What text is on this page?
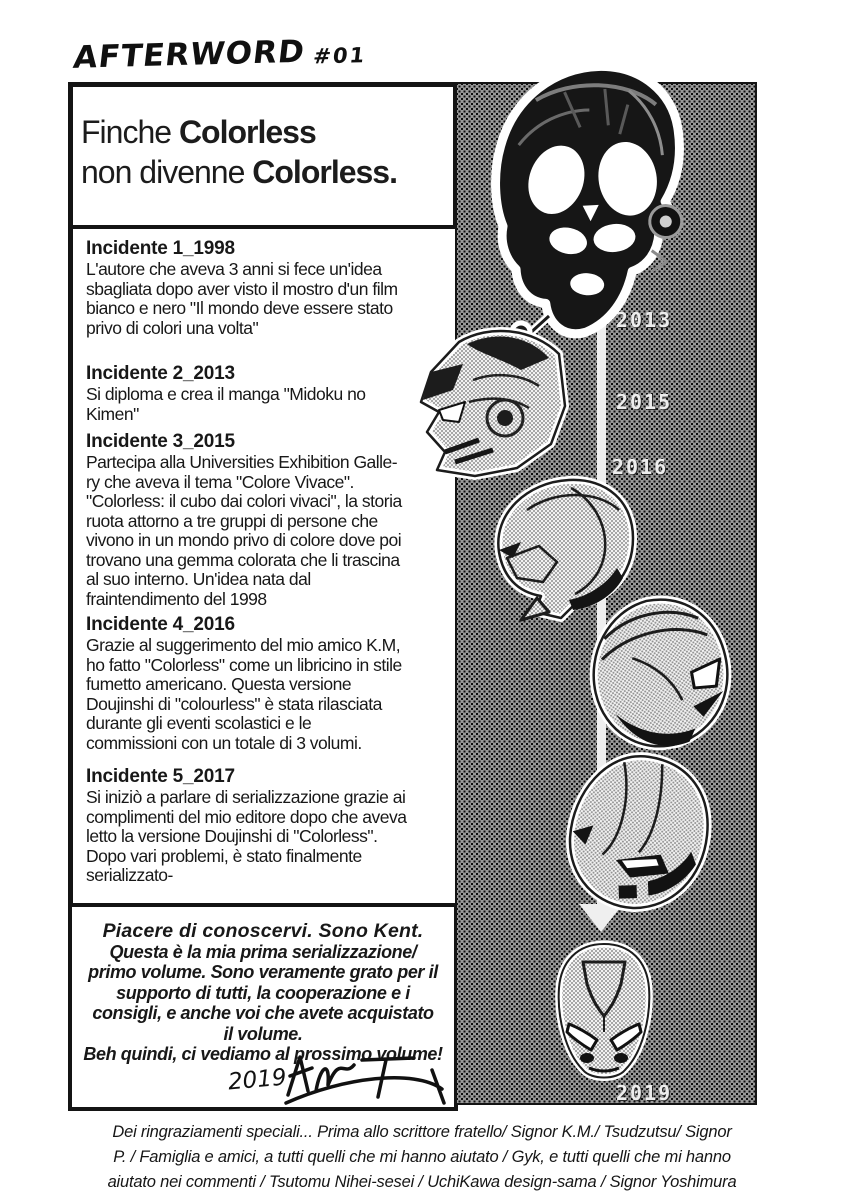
AFTERWORD #01
Finche Colorless
non divenne Colorless.
Incidente 1_1998
L'autore che aveva 3 anni si fece un'idea
sbagliata dopo aver visto il mostro d'un film
bianco e nero "Il mondo deve essere stato
privo di colori una volta"
Incidente 2_2013
Si diploma e crea il manga "Midoku no
Kimen"
Incidente 3_2015
Partecipa alla Universities Exhibition Galle-
ry che aveva il tema "Colore Vivace".
"Colorless: il cubo dai colori vivaci", la storia
ruota attorno a tre gruppi di persone che
vivono in un mondo privo di colore dove poi
trovano una gemma colorata che li trascina
al suo interno. Un'idea nata dal
fraintendimento del 1998
Incidente 4_2016
Grazie al suggerimento del mio amico K.M,
ho fatto "Colorless" come un libricino in stile
fumetto americano. Questa versione
Doujinshi di "colourless" è stata rilasciata
durante gli eventi scolastici e le
commissioni con un totale di 3 volumi.
Incidente 5_2017
Si iniziò a parlare di serializzazione grazie ai
complimenti del mio editore dopo che aveva
letto la versione Doujinshi di "Colorless".
Dopo vari problemi, è stato finalmente
serializzato-
Piacere di conoscervi. Sono Kent.
Questa è la mia prima serializzazione/
primo volume. Sono veramente grato per il
supporto di tutti, la cooperazione e i
consigli, e anche voi che avete acquistato
il volume.
Beh quindi, ci vediamo al prossimo volume!
2019
2013
2015
2016
2019
Dei ringraziamenti speciali... Prima allo scrittore fratello/ Signor K.M./ Tsudzutsu/ Signor
P. / Famiglia e amici, a tutti quelli che mi hanno aiutato / Gyk, e tutti quelli che mi hanno
aiutato nei commenti / Tsutomu Nihei-sesei / UchiKawa design-sama / Signor Yoshimura
